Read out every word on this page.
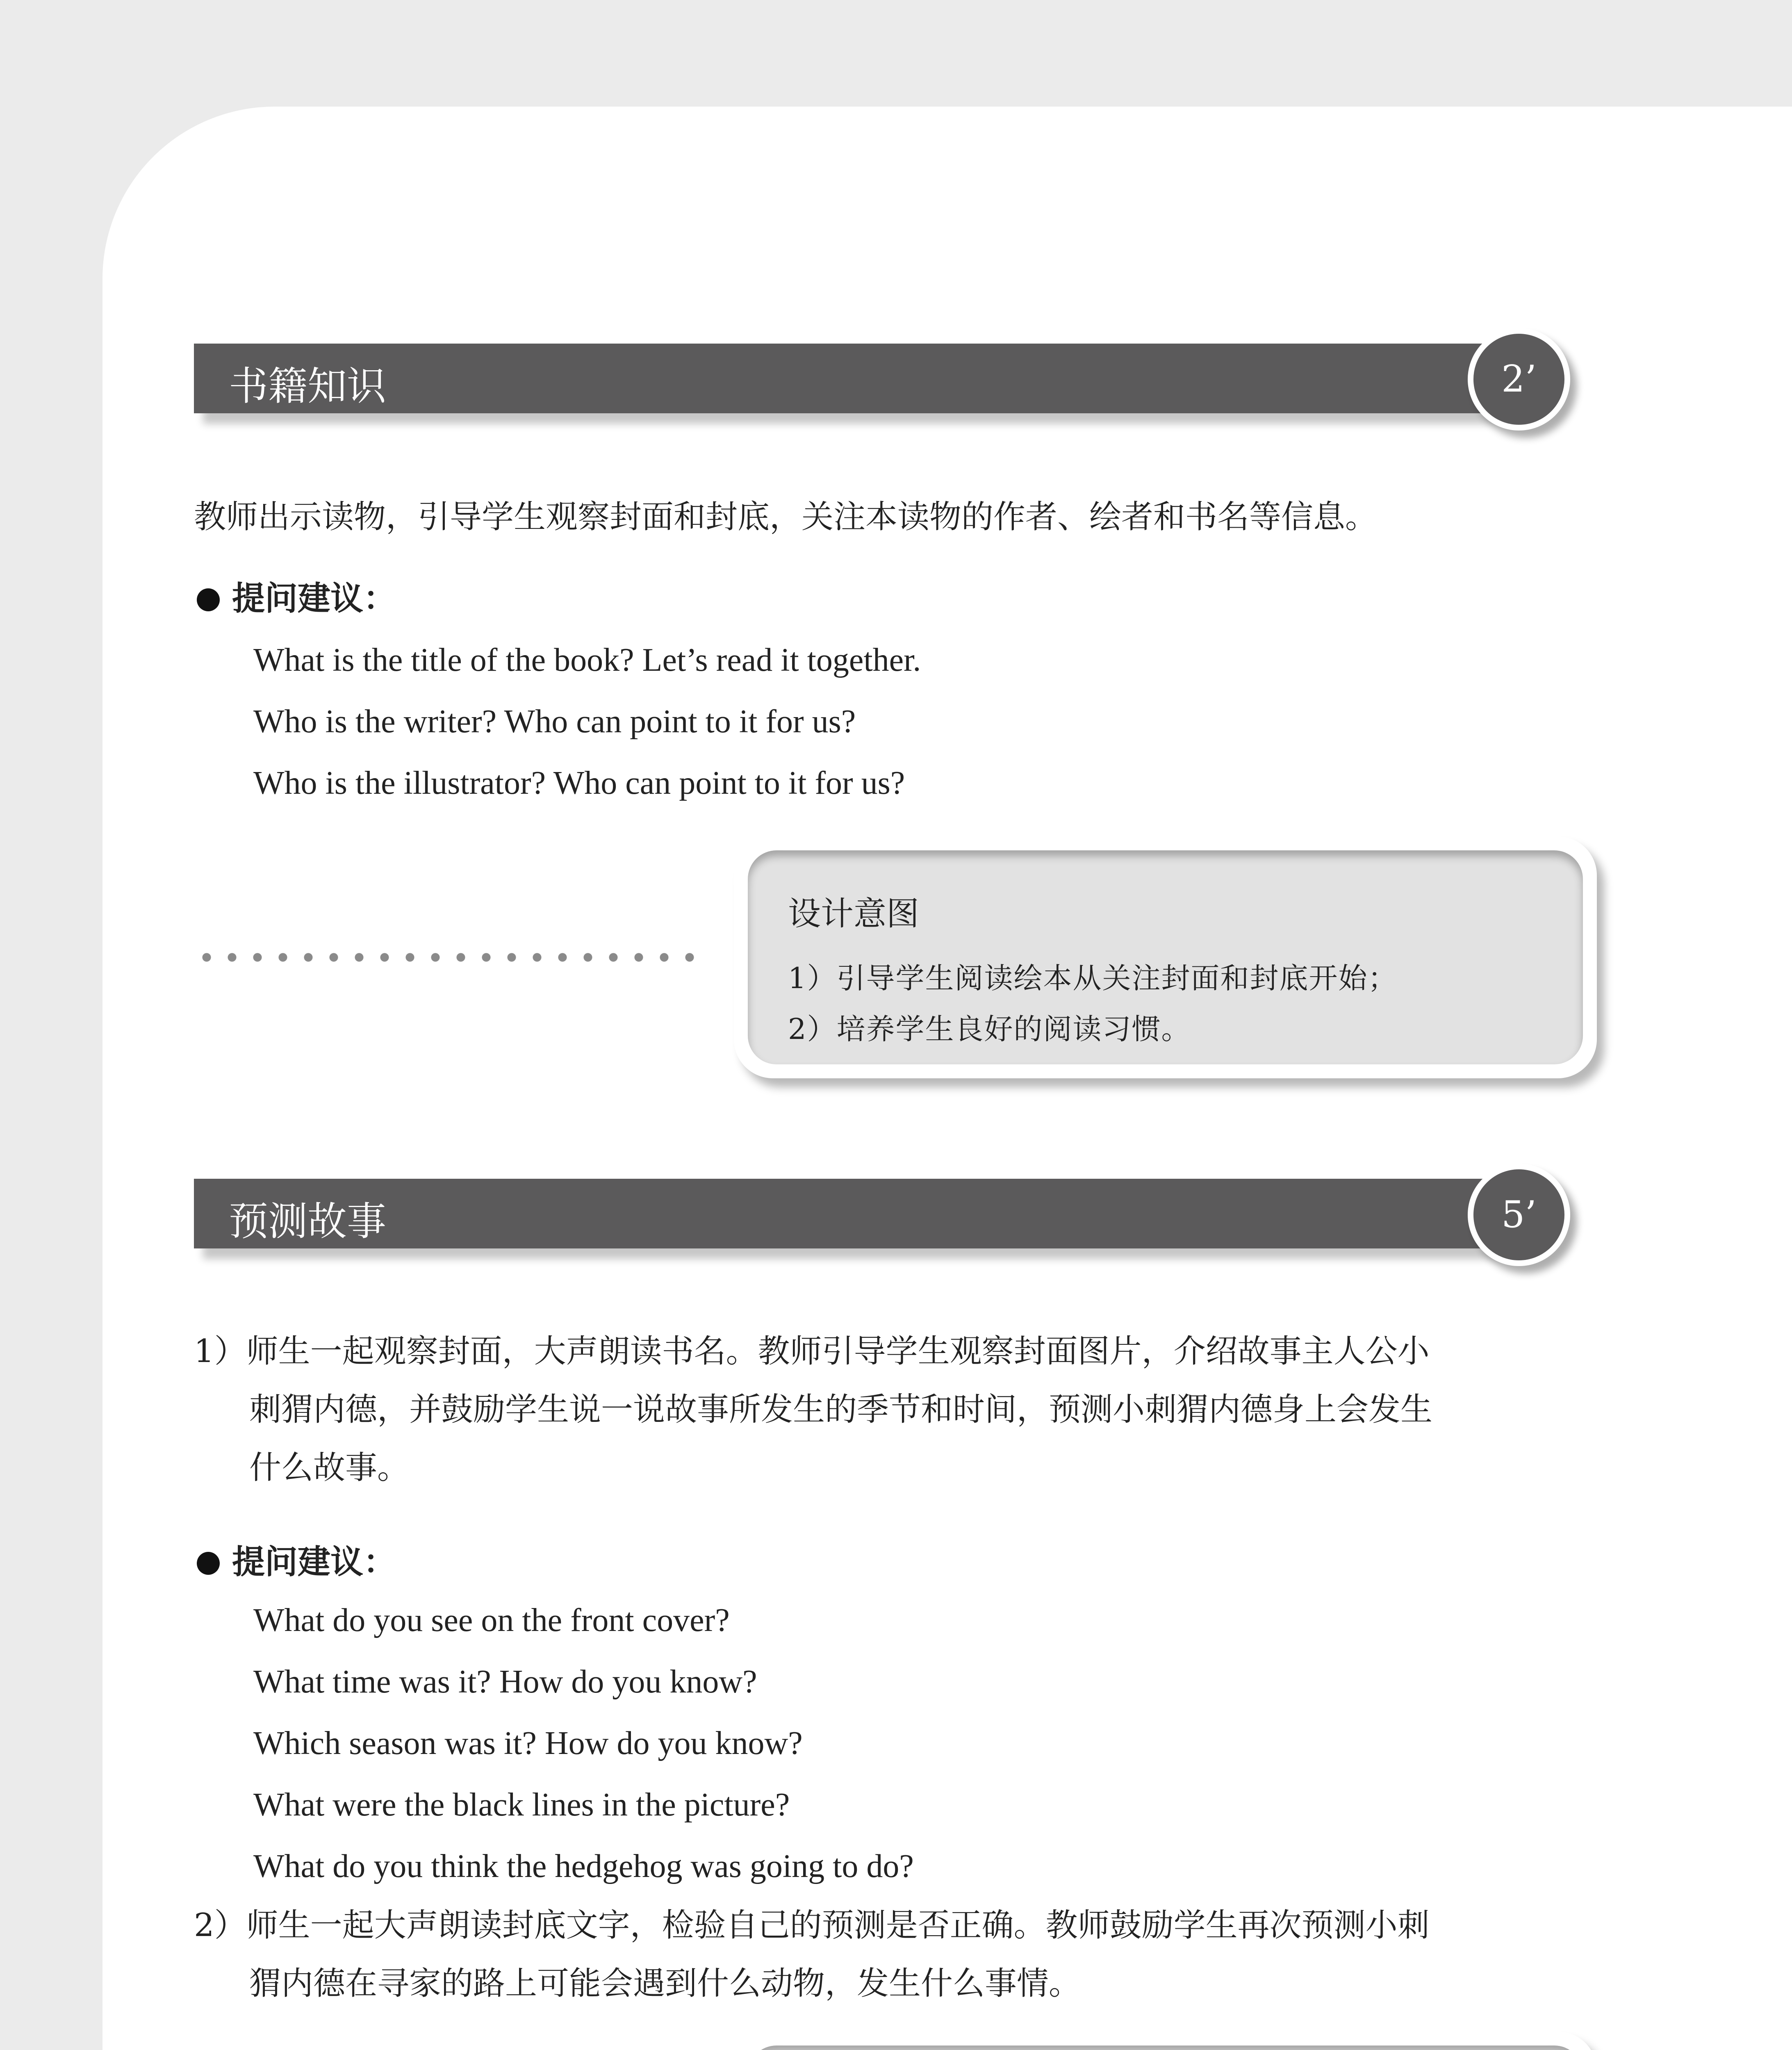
书籍知识	2’

教师出示读物，引导学生观察封面和封底，关注本读物的作者、绘者和书名等信息。

提问建议：
What is the title of the book? Let’s read it together.
Who is the writer? Who can point to it for us?
Who is the illustrator? Who can point to it for us?
设计意图
1）引导学生阅读绘本从关注封面和封底开始；
2）培养学生良好的阅读习惯。
预测故事	5’
1）师生一起观察封面，大声朗读书名。教师引导学生观察封面图片，介绍故事主人公小
刺猬内德，并鼓励学生说一说故事所发生的季节和时间，预测小刺猬内德身上会发生
什么故事。
提问建议：
What do you see on the front cover?
What time was it? How do you know?
Which season was it? How do you know?
What were the black lines in the picture?
What do you think the hedgehog was going to do?
2）师生一起大声朗读封底文字，检验自己的预测是否正确。教师鼓励学生再次预测小刺
猬内德在寻家的路上可能会遇到什么动物，发生什么事情。
